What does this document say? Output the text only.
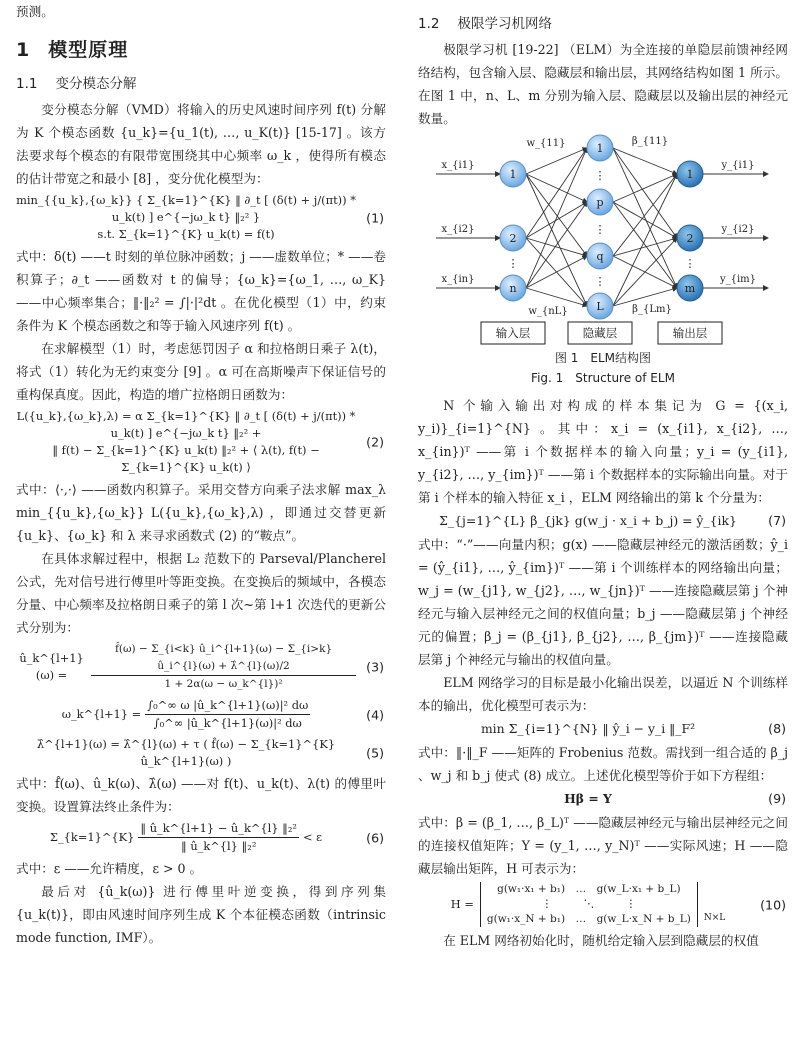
预测。

1 模型原理
1.1 变分模态分解

变分模态分解（VMD）将输入的历史风速时间序列 f(t) 分解为 K 个模态函数 {u_k}={u_1(t), …, u_K(t)} [15-17] 。该方法要求每个模态的有限带宽围绕其中心频率 ω_k ，使得所有模态的估计带宽之和最小 [8] ，变分优化模型为：

min_{{u_k},{ω_k}} { Σ_{k=1}^{K} ‖ ∂_t [ (δ(t) + j/(πt)) * u_k(t) ] e^{−jω_k t} ‖₂² }
s.t. Σ_{k=1}^{K} u_k(t) = f(t)
(1)

式中：δ(t) ——t 时刻的单位脉冲函数；j ——虚数单位；* ——卷积算子；∂_t ——函数对 t 的偏导；{ω_k}={ω_1, …, ω_K} ——中心频率集合；‖·‖₂² = ∫|·|²dt 。在优化模型（1）中，约束条件为 K 个模态函数之和等于输入风速序列 f(t) 。

在求解模型（1）时，考虑惩罚因子 α 和拉格朗日乘子 λ(t)，将式（1）转化为无约束变分 [9] 。α 可在高斯噪声下保证信号的重构保真度。因此，构造的增广拉格朗日函数为：

L({u_k},{ω_k},λ) = α Σ_{k=1}^{K} ‖ ∂_t [ (δ(t) + j/(πt)) * u_k(t) ] e^{−jω_k t} ‖₂² +
‖ f(t) − Σ_{k=1}^{K} u_k(t) ‖₂² + ⟨ λ(t), f(t) − Σ_{k=1}^{K} u_k(t) ⟩
(2)

式中：⟨·,·⟩ ——函数内积算子。采用交替方向乘子法求解 max_λ min_{{u_k},{ω_k}} L({u_k},{ω_k},λ) ，即通过交替更新 {u_k}、{ω_k} 和 λ 来寻求函数式 (2) 的“鞍点”。

在具体求解过程中，根据 L₂ 范数下的 Parseval/Plancherel 公式，先对信号进行傅里叶等距变换。在变换后的频域中，各模态分量、中心频率及拉格朗日乘子的第 l 次~第 l+1 次迭代的更新公式分别为：

û_k^{l+1}(ω) =
f̂(ω) − Σ_{i<k} û_i^{l+1}(ω) − Σ_{i>k} û_i^{l}(ω) + λ̂^{l}(ω)/2
1 + 2α(ω − ω_k^{l})²
(3)
ω_k^{l+1} = $\frac{\text{∫₀\textasciicircum{}∞ ω |û\_k\textasciicircum{}\{l+1\}(ω)|² dω}}{\text{∫₀\textasciicircum{}∞ |û\_k\textasciicircum{}\{l+1\}(ω)|² dω}}$	(4)
λ̂^{l+1}(ω) = λ̂^{l}(ω) + τ ( f̂(ω) − Σ_{k=1}^{K} û_k^{l+1}(ω) )
(5)

式中：f̂(ω)、û_k(ω)、λ̂(ω) ——对 f(t)、u_k(t)、λ(t) 的傅里叶变换。设置算法终止条件为：

Σ_{k=1}^{K} $\frac{\text{‖ û\_k\textasciicircum{}\{l+1\} − û\_k\textasciicircum{}\{l\} ‖₂²}}{\text{‖ û\_k\textasciicircum{}\{l\} ‖₂²}} < \varepsilon$	(6)

式中：ε ——允许精度，ε > 0 。

最后对 {û_k(ω)} 进行傅里叶逆变换，得到序列集 {u_k(t)}，即由风速时间序列生成 K 个本征模态函数（intrinsic mode function, IMF）。

1.2 极限学习机网络

极限学习机 [19-22] （ELM）为全连接的单隐层前馈神经网络结构，包含输入层、隐藏层和输出层，其网络结构如图 1 所示。在图 1 中，n、L、m 分别为输入层、隐藏层以及输出层的神经元数量。

x_{i1}
x_{i2}
x_{in}
y_{i1}
y_{i2}
y_{im}
1
2
n
1
p
q
L
1
2
m
⋮	⋮
⋮
⋮
⋮
w_{11}
w_{nL}
β_{11}
β_{Lm}
输入层	隐藏层	输出层
图 1　ELM结构图
Fig. 1　Structure of ELM

N 个输入输出对构成的样本集记为 G = {(x_i, y_i)}_{i=1}^{N} 。其中：x_i = (x_{i1}, x_{i2}, …, x_{in})ᵀ ——第 i 个数据样本的输入向量；y_i = (y_{i1}, y_{i2}, …, y_{im})ᵀ ——第 i 个数据样本的实际输出向量。对于第 i 个样本的输入特征 x_i ，ELM 网络输出的第 k 个分量为：

Σ_{j=1}^{L} β_{jk} g(w_j · x_i + b_j) = ŷ_{ik}	(7)

式中：“·”——向量内积；g(x) ——隐藏层神经元的激活函数；ŷ_i = (ŷ_{i1}, …, ŷ_{im})ᵀ ——第 i 个训练样本的网络输出向量；w_j = (w_{j1}, w_{j2}, …, w_{jn})ᵀ ——连接隐藏层第 j 个神经元与输入层神经元之间的权值向量；b_j ——隐藏层第 j 个神经元的偏置；β_j = (β_{j1}, β_{j2}, …, β_{jm})ᵀ ——连接隐藏层第 j 个神经元与输出的权值向量。

ELM 网络学习的目标是最小化输出误差，以逼近 N 个训练样本的输出，优化模型可表示为：

min Σ_{i=1}^{N} ‖ ŷ_i − y_i ‖_F²	(8)

式中：‖·‖_F ——矩阵的 Frobenius 范数。需找到一组合适的 β_j 、w_j 和 b_j 使式 (8) 成立。上述优化模型等价于如下方程组：

Hβ = Y	(9)

式中：β = (β_1, …, β_L)ᵀ ——隐藏层神经元与输出层神经元之间的连接权值矩阵；Y = (y_1, …, y_N)ᵀ ——实际风速；H ——隐藏层输出矩阵，H 可表示为：

H =
g(w₁·x₁ + b₁)　…　g(w_L·x₁ + b_L)
⋮　　　⋱　　　⋮
g(w₁·x_N + b₁)　…　g(w_L·x_N + b_L) N×L
(10)

在 ELM 网络初始化时，随机给定输入层到隐藏层的权值
